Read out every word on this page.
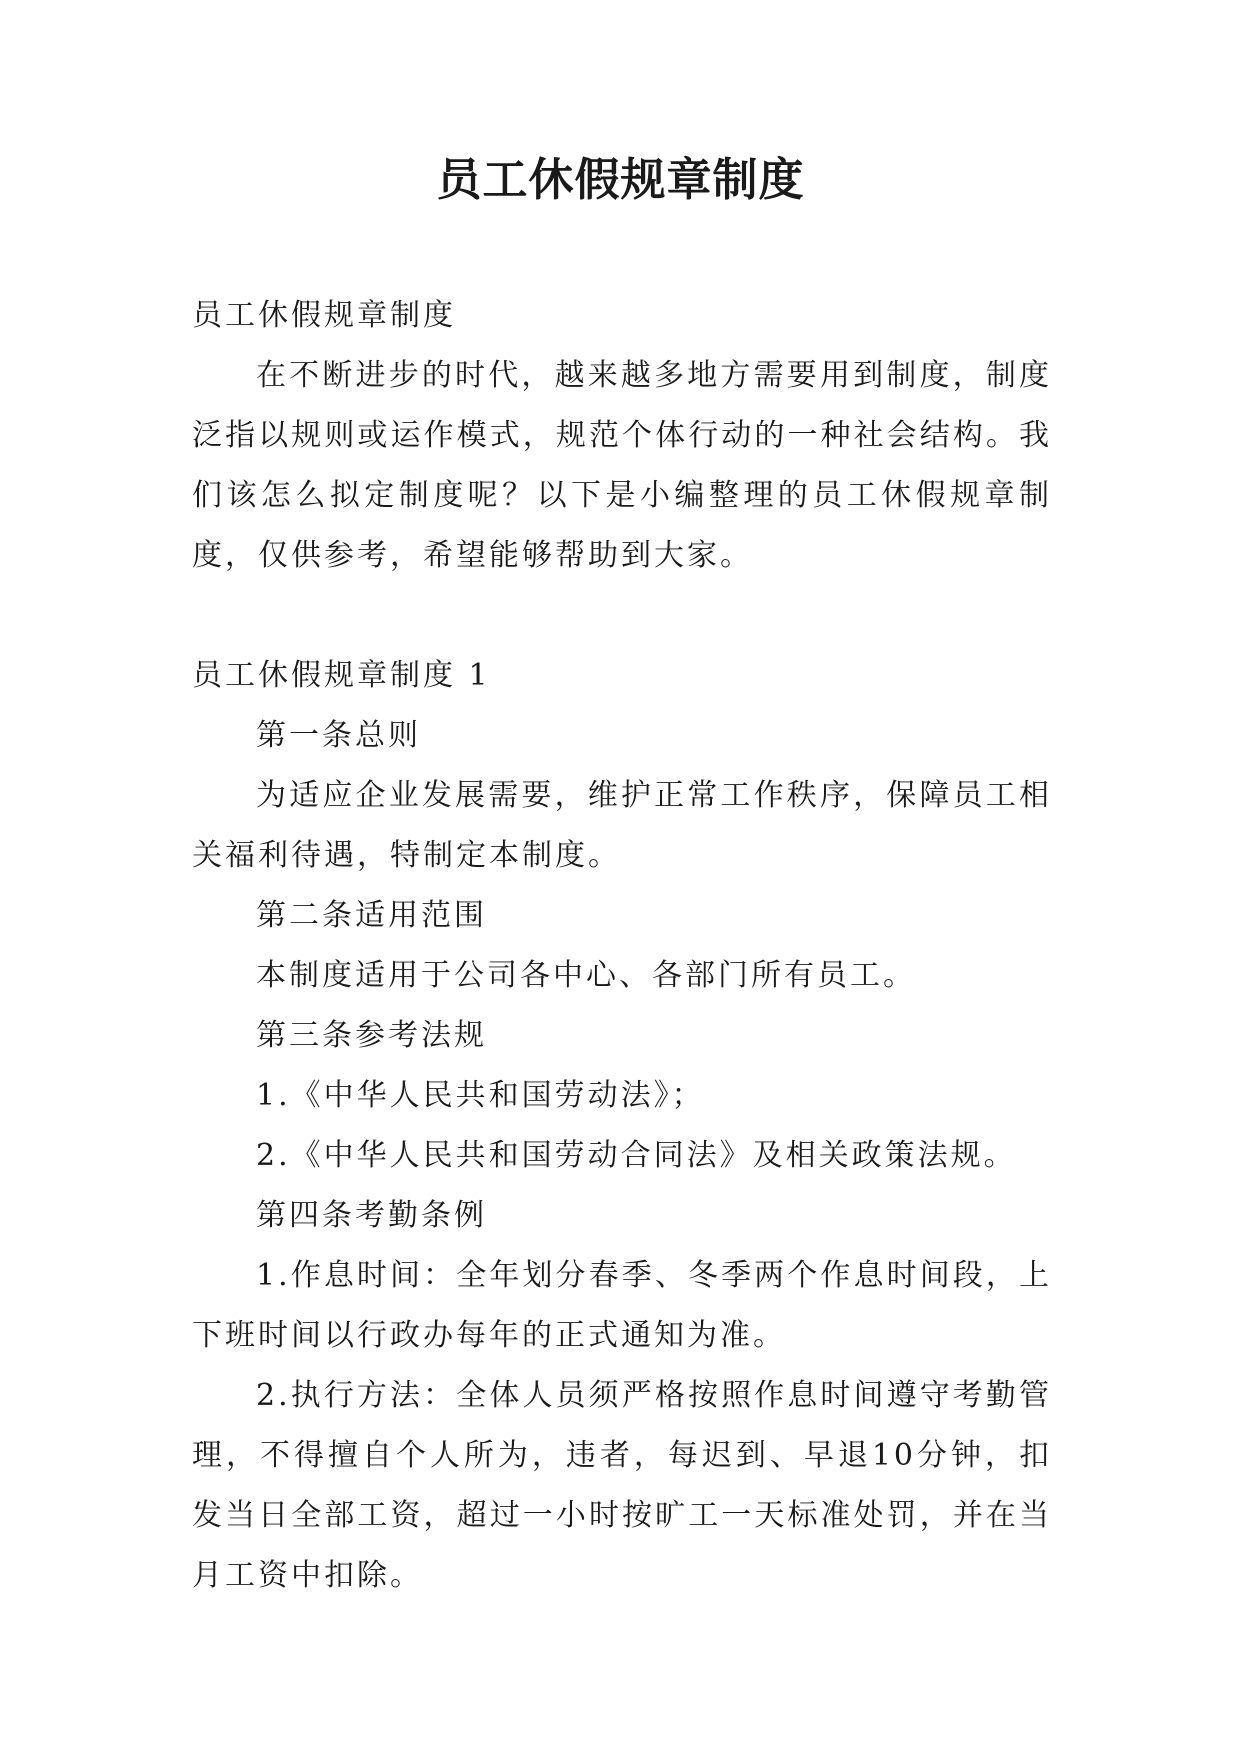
员工休假规章制度

员工休假规章制度

在不断进步的时代，越来越多地方需要用到制度，制度泛指以规则或运作模式，规范个体行动的一种社会结构。我们该怎么拟定制度呢？以下是小编整理的员工休假规章制度，仅供参考，希望能够帮助到大家。

员工休假规章制度 1

第一条总则

为适应企业发展需要，维护正常工作秩序，保障员工相关福利待遇，特制定本制度。

第二条适用范围

本制度适用于公司各中心、各部门所有员工。

第三条参考法规

1.《中华人民共和国劳动法》；

2.《中华人民共和国劳动合同法》及相关政策法规。

第四条考勤条例

1.作息时间：全年划分春季、冬季两个作息时间段，上下班时间以行政办每年的正式通知为准。

2.执行方法：全体人员须严格按照作息时间遵守考勤管理，不得擅自个人所为，违者，每迟到、早退10分钟，扣发当日全部工资，超过一小时按旷工一天标准处罚，并在当月工资中扣除。
